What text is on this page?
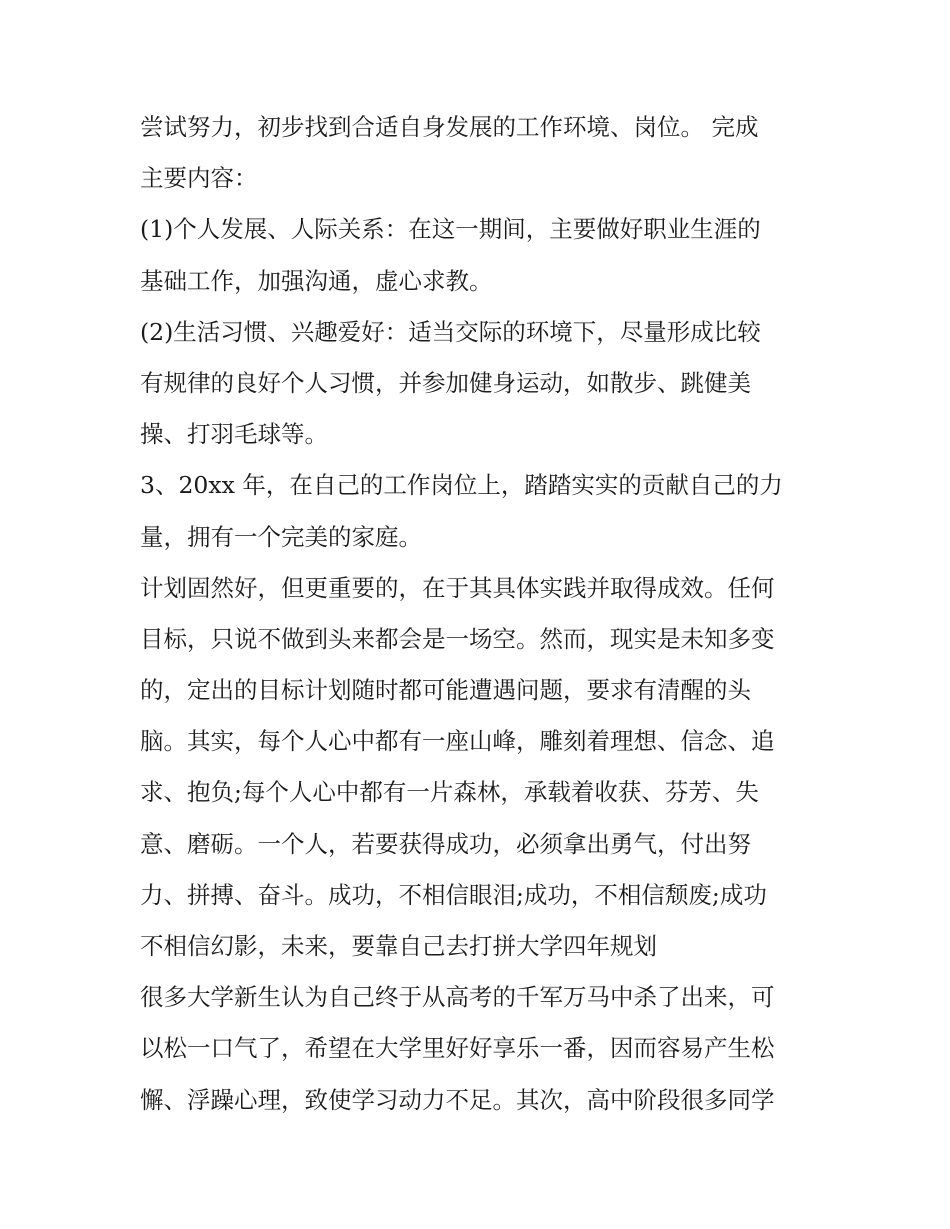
尝试努力，初步找到合适自身发展的工作环境、岗位。 完成
主要内容：
(1)个人发展、人际关系：在这一期间，主要做好职业生涯的
基础工作，加强沟通，虚心求教。
(2)生活习惯、兴趣爱好：适当交际的环境下，尽量形成比较
有规律的良好个人习惯，并参加健身运动，如散步、跳健美
操、打羽毛球等。
3、20xx 年，在自己的工作岗位上，踏踏实实的贡献自己的力
量，拥有一个完美的家庭。
计划固然好，但更重要的，在于其具体实践并取得成效。任何
目标，只说不做到头来都会是一场空。然而，现实是未知多变
的，定出的目标计划随时都可能遭遇问题，要求有清醒的头
脑。其实，每个人心中都有一座山峰，雕刻着理想、信念、追
求、抱负;每个人心中都有一片森林，承载着收获、芬芳、失
意、磨砺。一个人，若要获得成功，必须拿出勇气，付出努
力、拼搏、奋斗。成功，不相信眼泪;成功，不相信颓废;成功
不相信幻影，未来，要靠自己去打拼大学四年规划
很多大学新生认为自己终于从高考的千军万马中杀了出来，可
以松一口气了，希望在大学里好好享乐一番，因而容易产生松
懈、浮躁心理，致使学习动力不足。其次，高中阶段很多同学
